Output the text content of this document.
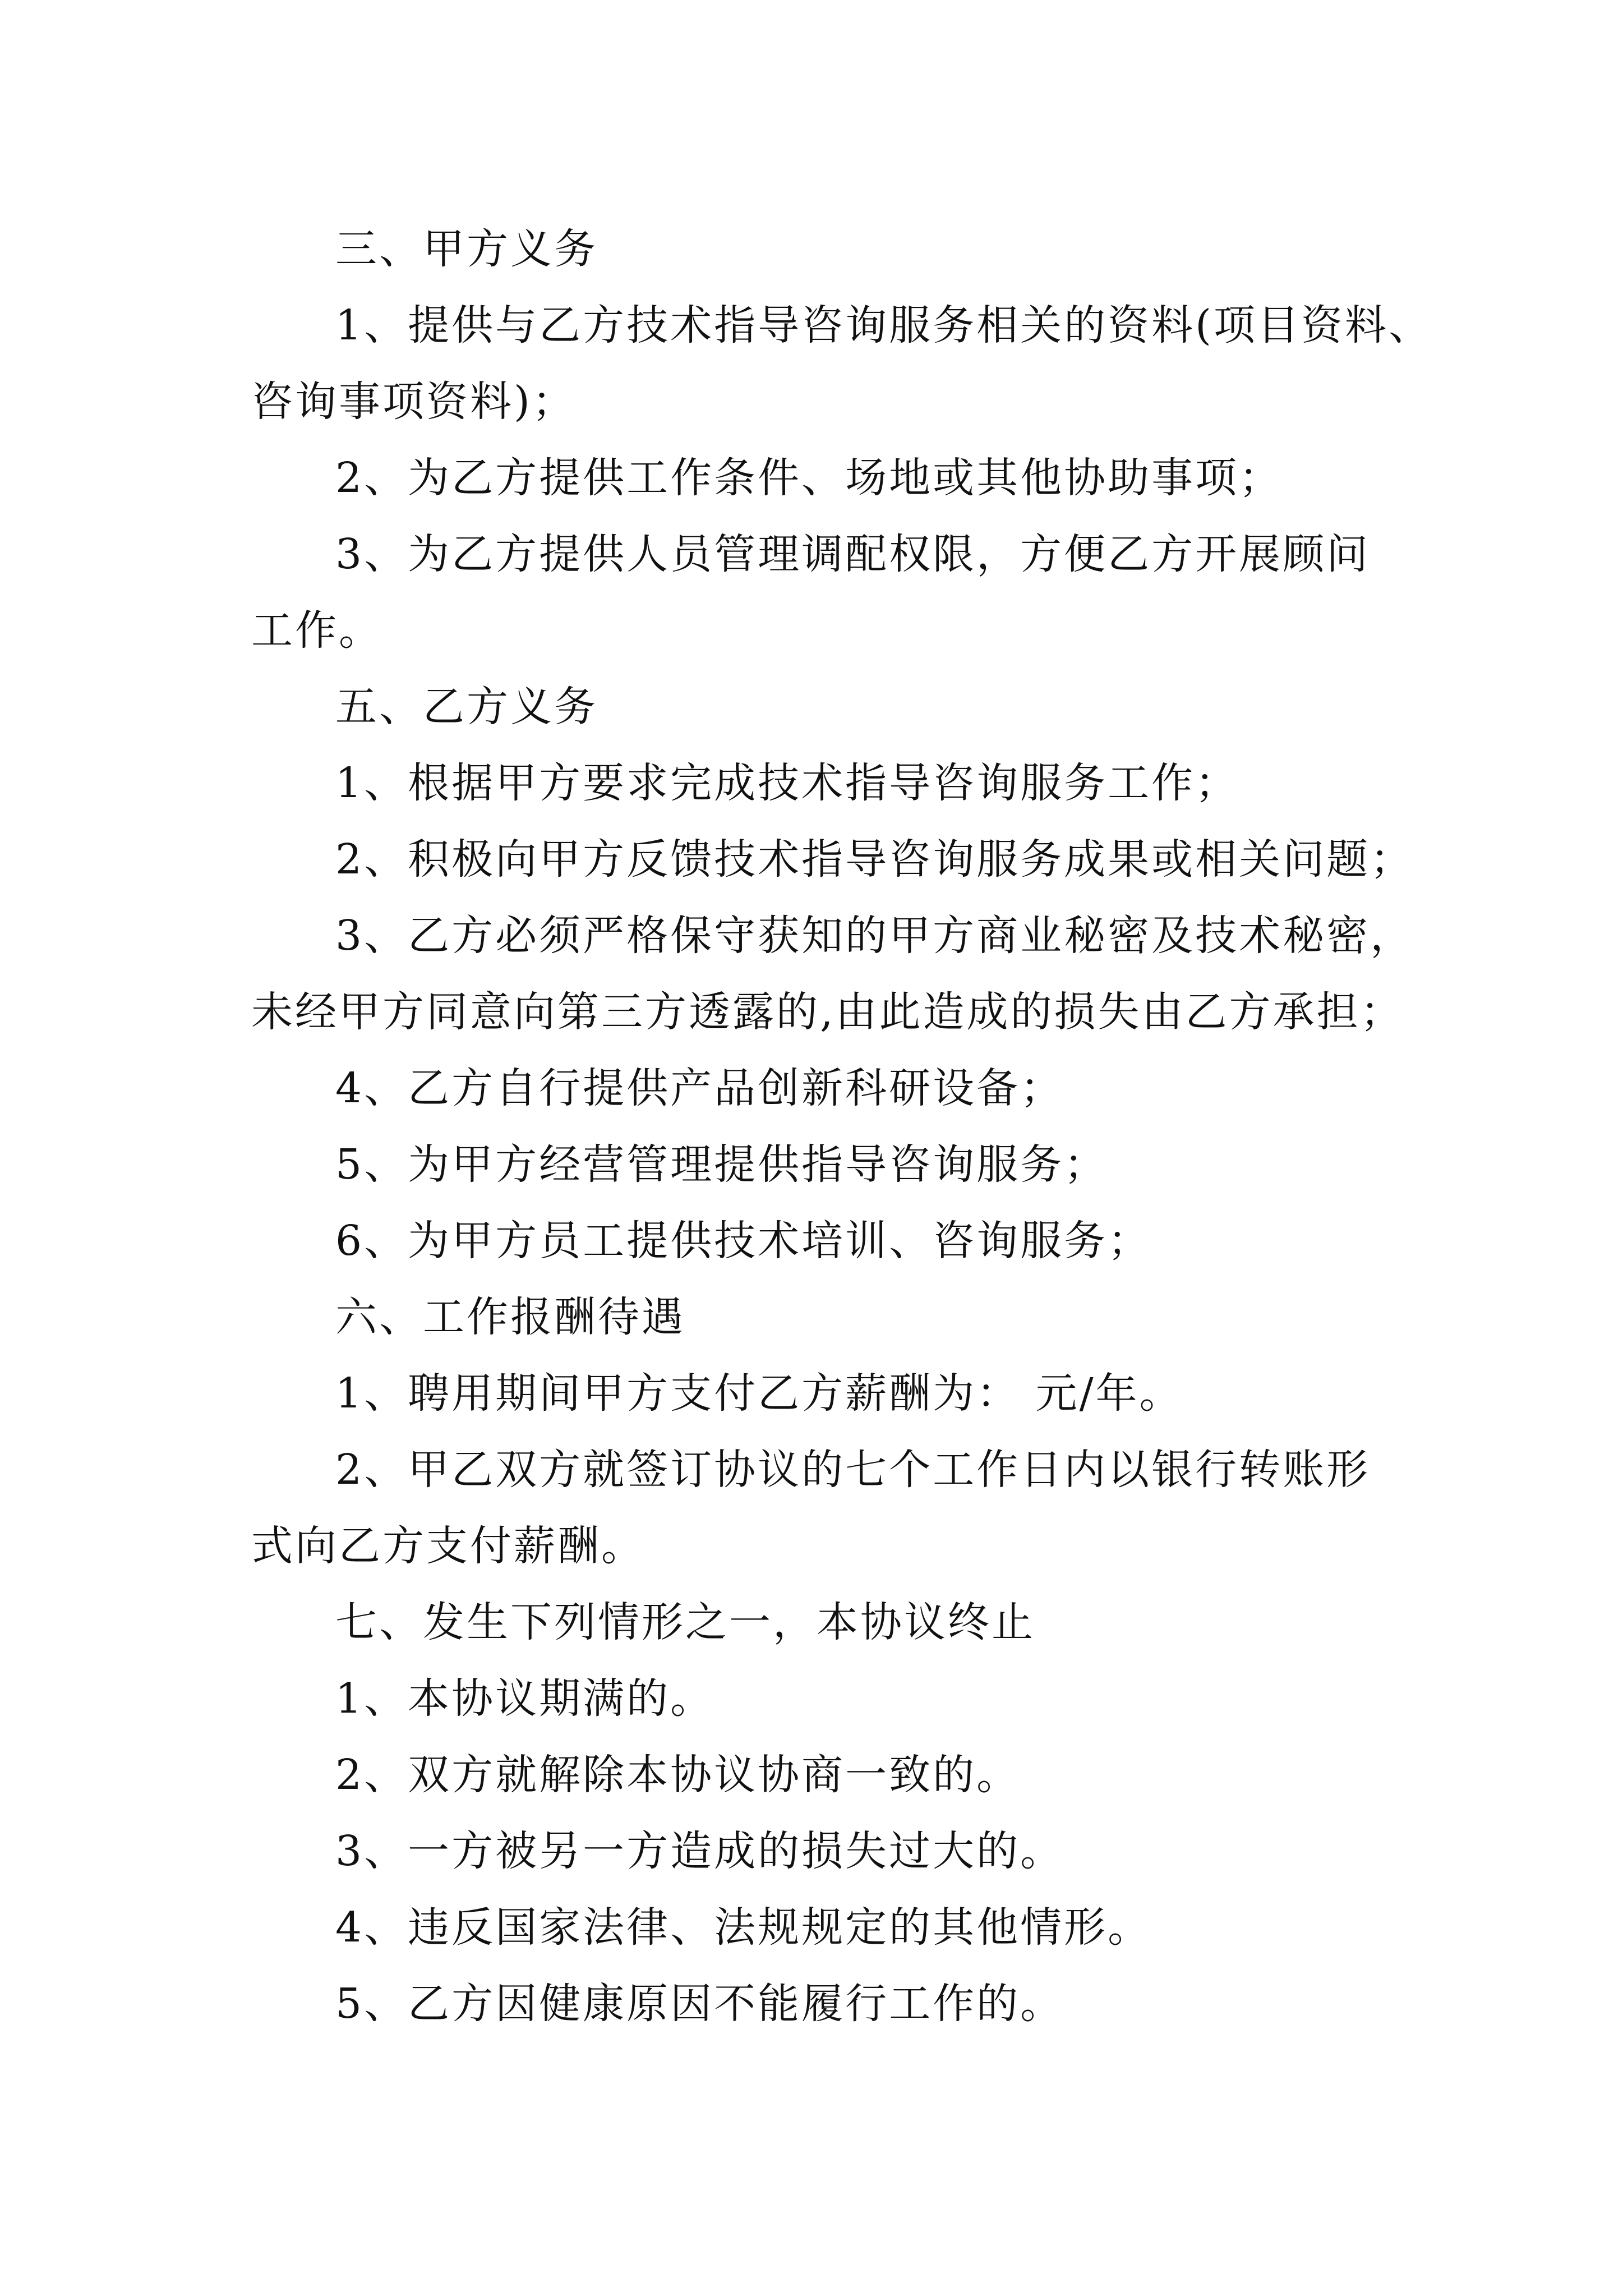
三、甲方义务

1、提供与乙方技术指导咨询服务相关的资料(项目资料、

咨询事项资料)；

2、为乙方提供工作条件、场地或其他协助事项；

3、为乙方提供人员管理调配权限，方便乙方开展顾问

工作。

五、乙方义务

1、根据甲方要求完成技术指导咨询服务工作；

2、积极向甲方反馈技术指导咨询服务成果或相关问题；

3、乙方必须严格保守获知的甲方商业秘密及技术秘密，

未经甲方同意向第三方透露的,由此造成的损失由乙方承担；

4、乙方自行提供产品创新科研设备；

5、为甲方经营管理提供指导咨询服务；

6、为甲方员工提供技术培训、咨询服务；

六、工作报酬待遇

1、聘用期间甲方支付乙方薪酬为： 元/年。

2、甲乙双方就签订协议的七个工作日内以银行转账形

式向乙方支付薪酬。

七、发生下列情形之一，本协议终止

1、本协议期满的。

2、双方就解除本协议协商一致的。

3、一方被另一方造成的损失过大的。

4、违反国家法律、法规规定的其他情形。

5、乙方因健康原因不能履行工作的。
